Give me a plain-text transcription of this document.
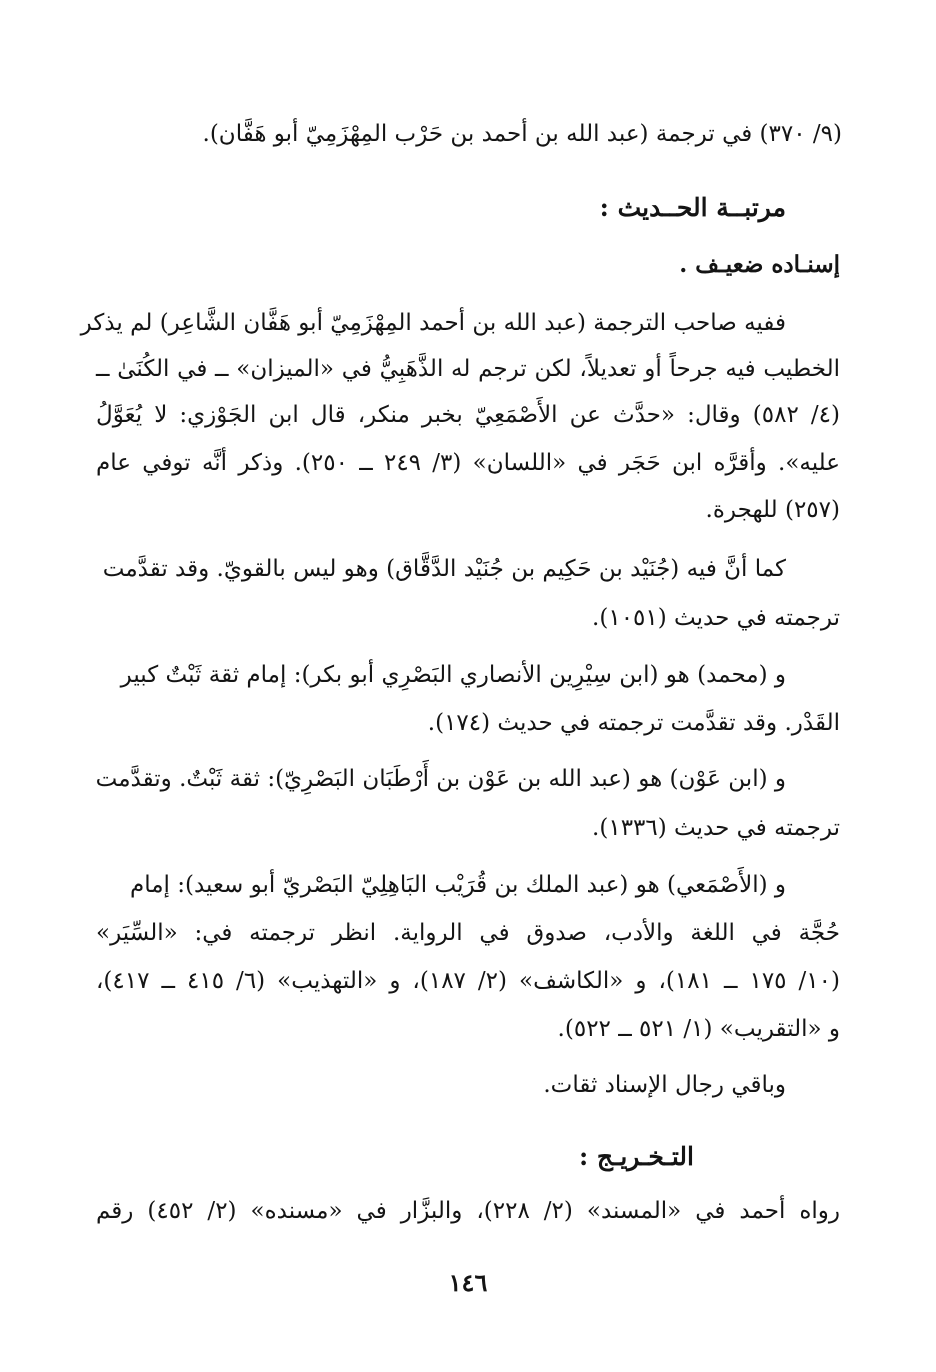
(٩/ ٣٧٠) في ترجمة (عبد الله بن أحمد بن حَرْب المِهْزَمِيّ أبو هَفَّان).
مرتبــة الحــديث :
إسنـاده ضعيـف .
ففيه صاحب الترجمة (عبد الله بن أحمد المِهْزَمِيّ أبو هَفَّان الشَّاعِر) لم يذكر
الخطيب فيه جرحاً أو تعديلاً، لكن ترجم له الذَّهَبِيُّ في «الميزان» ــ في الكُنَىٰ ــ
(٤/ ٥٨٢) وقال: «حدَّث عن الأَصْمَعِيّ بخبر منكر، قال ابن الجَوْزي: لا يُعَوَّلُ
عليه». وأقرَّه ابن حَجَر في «اللسان» (٣/ ٢٤٩ ــ ٢٥٠). وذكر أنَّه توفي عام
(٢٥٧) للهجرة.
كما أنَّ فيه (جُنَيْد بن حَكِيم بن جُنَيْد الدَّقَّاق) وهو ليس بالقويّ. وقد تقدَّمت
ترجمته في حديث (١٠٥١).
و (محمد) هو (ابن سِيْرِين الأنصاري البَصْرِي أبو بكر): إمام ثقة ثَبْتٌ كبير
القَدْر. وقد تقدَّمت ترجمته في حديث (١٧٤).
و (ابن عَوْن) هو (عبد الله بن عَوْن بن أَرْطَبَان البَصْرِيّ): ثقة ثَبْتٌ. وتقدَّمت
ترجمته في حديث (١٣٣٦).
و (الأَصْمَعي) هو (عبد الملك بن قُرَيْب البَاهِلِيّ البَصْريّ أبو سعيد): إمام
حُجَّة في اللغة والأدب، صدوق في الرواية. انظر ترجمته في: «السِّيَر»
(١٠/ ١٧٥ ــ ١٨١)، و «الكاشف» (٢/ ١٨٧)، و «التهذيب» (٦/ ٤١٥ ــ ٤١٧)،
و «التقريب» (١/ ٥٢١ ــ ٥٢٢).
وباقي رجال الإسناد ثقات.
التـخـريـج :
رواه أحمد في «المسند» (٢/ ٢٢٨)، والبزَّار في «مسنده» (٢/ ٤٥٢) رقم
١٤٦
